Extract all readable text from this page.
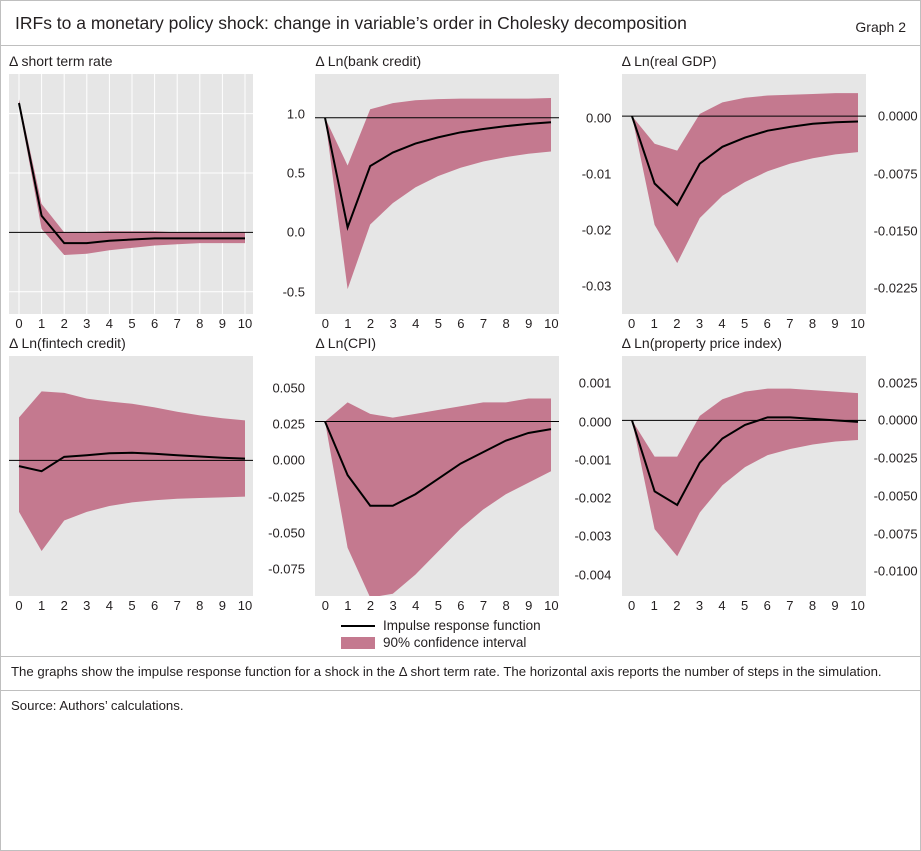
IRFs to a monetary policy shock: change in variable’s order in Cholesky decomposition	Graph 2
Δ short term rate
1.0
0.5
0.0
-0.5
0 1 2 3 4 5 6 7 8 9 10
Δ Ln(bank credit)
0.00
-0.01
-0.02
-0.03
0 1 2 3 4 5 6 7 8 9 10
Δ Ln(real GDP)
0.0000
-0.0075
-0.0150
-0.0225
0 1 2 3 4 5 6 7 8 9 10
Δ Ln(fintech credit)
0.050
0.025
0.000
-0.025
-0.050
-0.075
0 1 2 3 4 5 6 7 8 9 10
Δ Ln(CPI)
0.001
0.000
-0.001
-0.002
-0.003
-0.004
0 1 2 3 4 5 6 7 8 9 10
Δ Ln(property price index)
0.0025
0.0000
-0.0025
-0.0050
-0.0075
-0.0100
0 1 2 3 4 5 6 7 8 9 10
Impulse response function
90% confidence interval
The graphs show the impulse response function for a shock in the Δ short term rate. The horizontal axis reports the number of steps in the simulation.
Source: Authors’ calculations.
